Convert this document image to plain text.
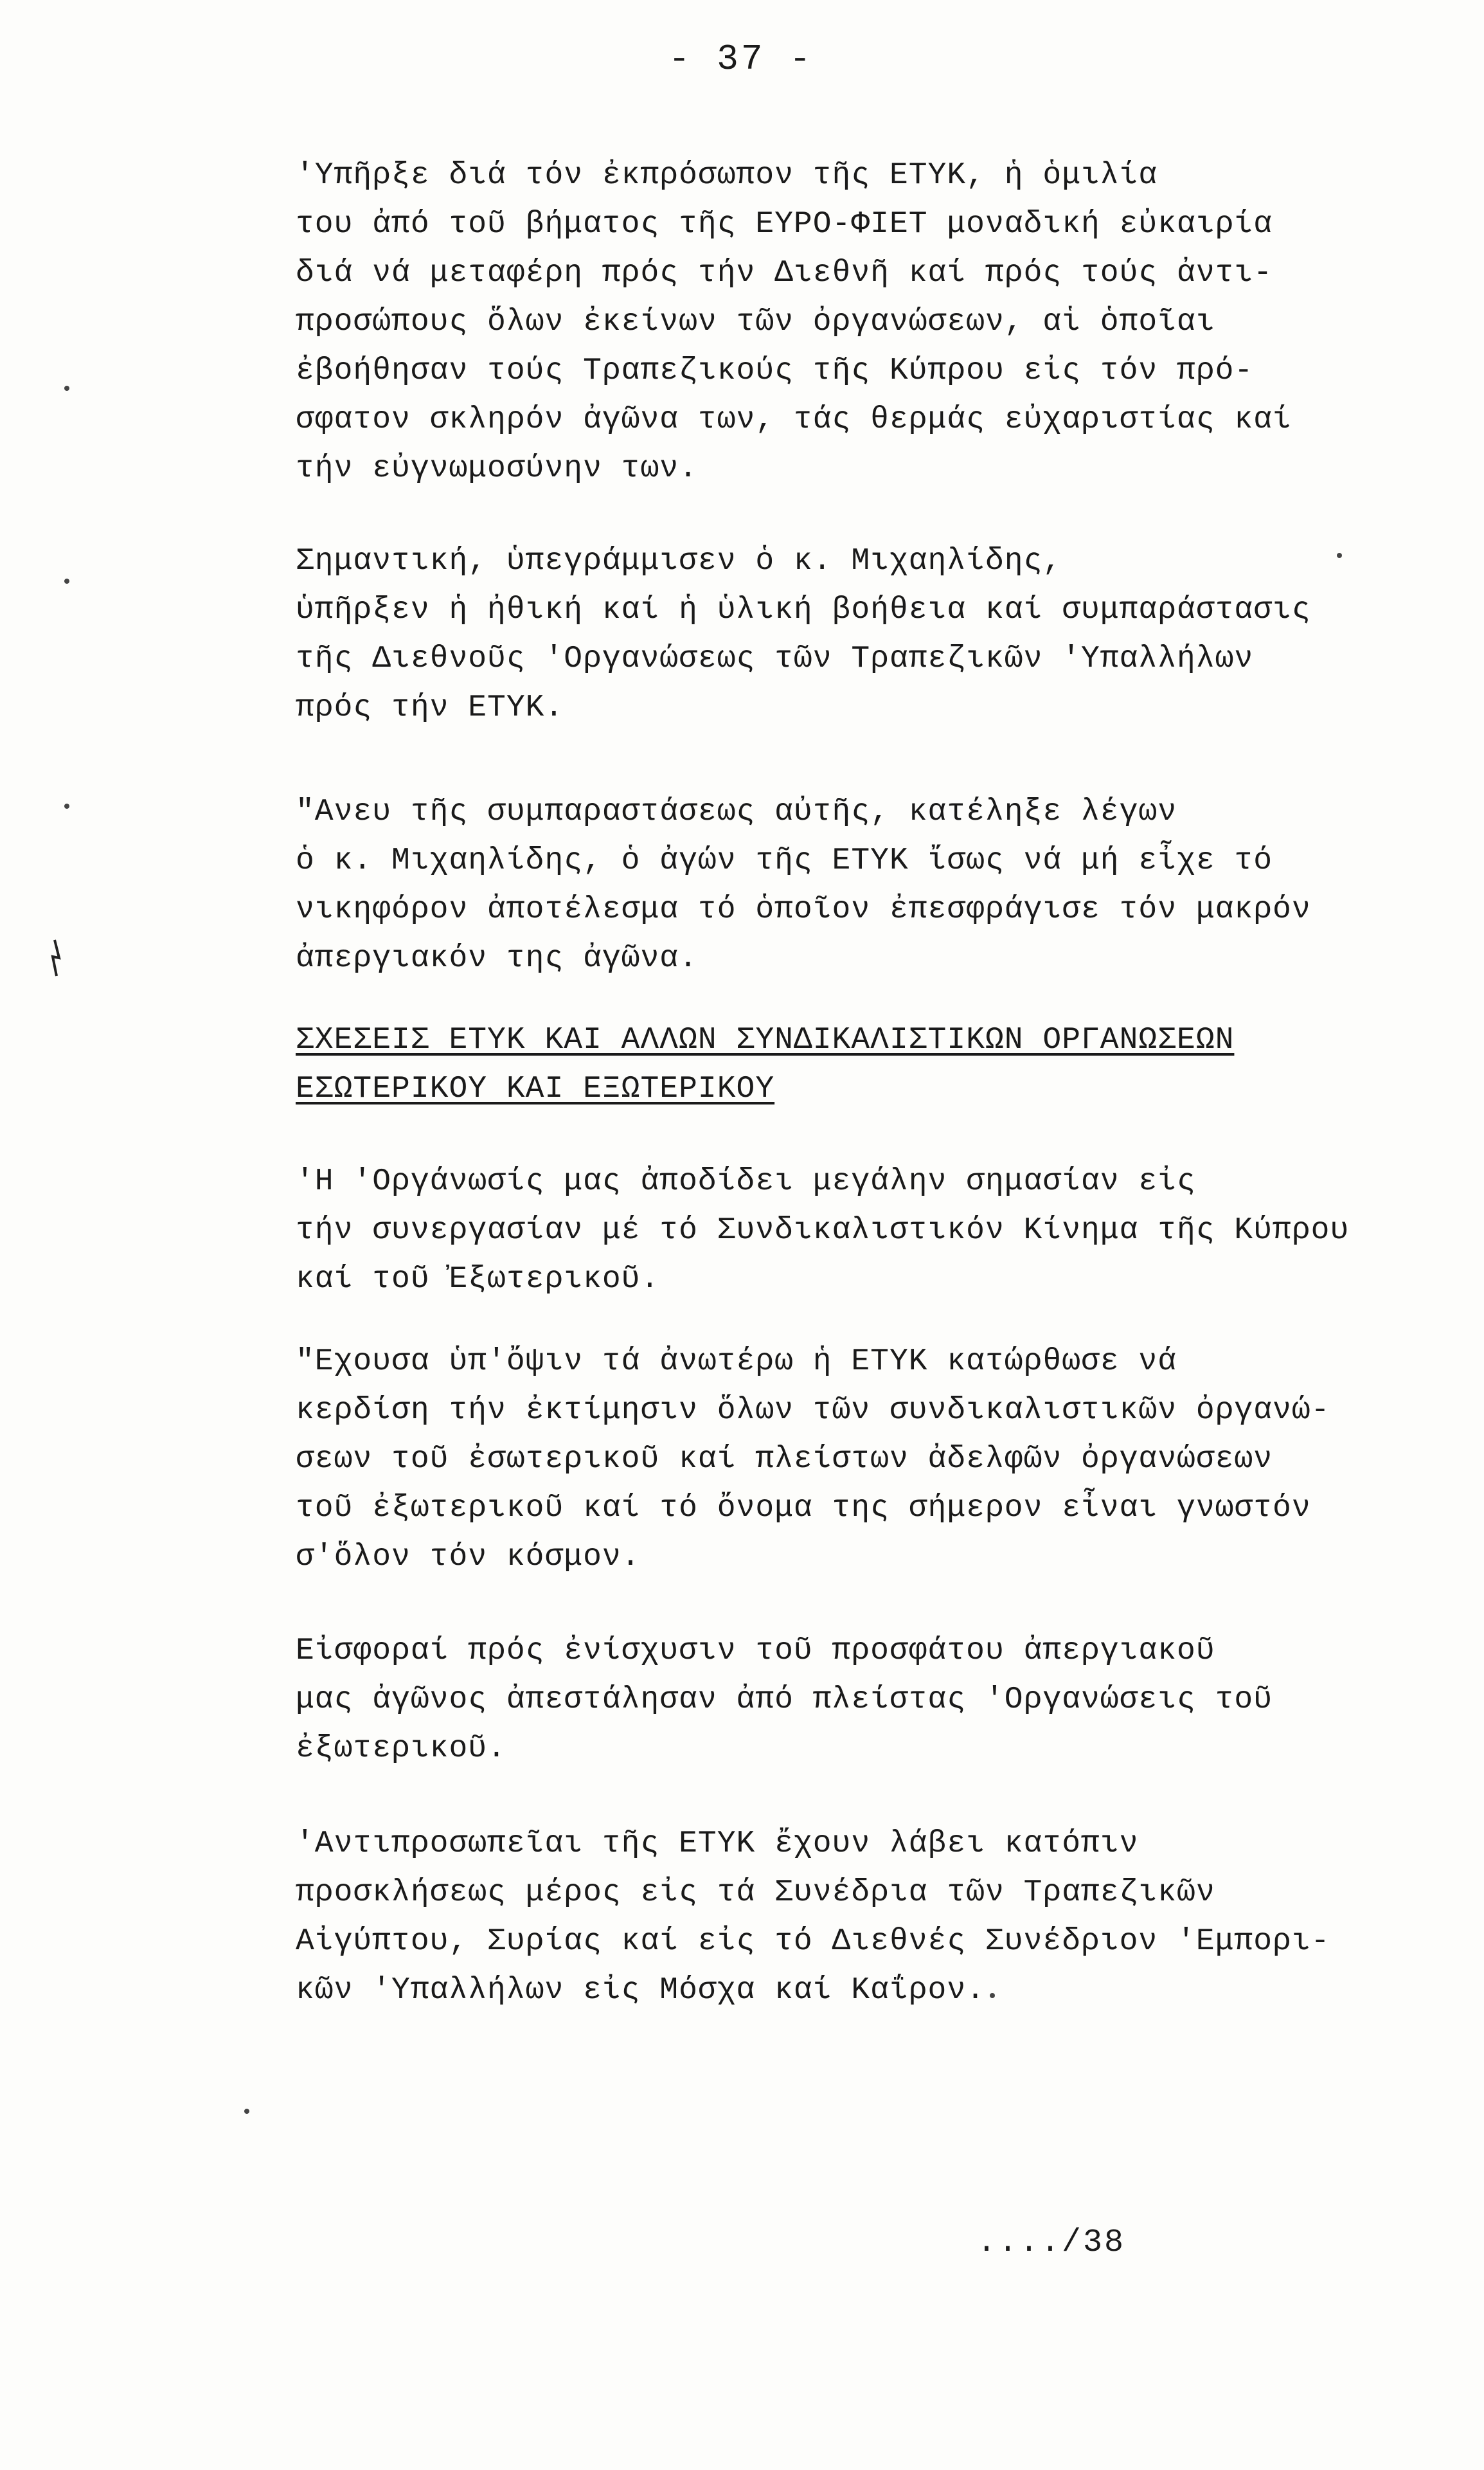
- 37 -
'Υπῆρξε διά τόν ἐκπρόσωπον τῆς ΕΤΥΚ, ἡ ὁμιλία
του ἀπό τοῦ βήματος τῆς ΕΥΡΟ-ΦΙΕΤ μοναδική εὐκαιρία
διά νά μεταφέρη πρός τήν Διεθνῆ καί πρός τούς ἀντι-
προσώπους ὅλων ἐκείνων τῶν ὀργανώσεων, αἱ ὁποῖαι
ἐβοήθησαν τούς Τραπεζικούς τῆς Κύπρου εἰς τόν πρό-
σφατον σκληρόν ἀγῶνα των, τάς θερμάς εὐχαριστίας καί
τήν εὐγνωμοσύνην των.
Σημαντική, ὑπεγράμμισεν ὁ κ. Μιχαηλίδης,
ὑπῆρξεν ἡ ἠθική καί ἡ ὑλική βοήθεια καί συμπαράστασις
τῆς Διεθνοῦς 'Οργανώσεως τῶν Τραπεζικῶν 'Υπαλλήλων
πρός τήν ΕΤΥΚ.
"Ανευ τῆς συμπαραστάσεως αὐτῆς, κατέληξε λέγων
ὁ κ. Μιχαηλίδης, ὁ ἀγών τῆς ΕΤΥΚ ἴσως νά μή εἶχε τό
νικηφόρον ἀποτέλεσμα τό ὁποῖον ἐπεσφράγισε τόν μακρόν
ἀπεργιακόν της ἀγῶνα.
ΣΧΕΣΕΙΣ ΕΤΥΚ ΚΑΙ ΑΛΛΩΝ ΣΥΝΔΙΚΑΛΙΣΤΙΚΩΝ ΟΡΓΑΝΩΣΕΩΝ
ΕΣΩΤΕΡΙΚΟΥ ΚΑΙ ΕΞΩΤΕΡΙΚΟΥ
'Η 'Οργάνωσίς μας ἀποδίδει μεγάλην σημασίαν εἰς
τήν συνεργασίαν μέ τό Συνδικαλιστικόν Κίνημα τῆς Κύπρου
καί τοῦ Ἐξωτερικοῦ.
"Εχουσα ὑπ'ὄψιν τά ἀνωτέρω ἡ ΕΤΥΚ κατώρθωσε νά
κερδίση τήν ἐκτίμησιν ὅλων τῶν συνδικαλιστικῶν ὀργανώ-
σεων τοῦ ἐσωτερικοῦ καί πλείστων ἀδελφῶν ὀργανώσεων
τοῦ ἐξωτερικοῦ καί τό ὄνομα της σήμερον εἶναι γνωστόν
σ'ὅλον τόν κόσμον.
Εἰσφοραί πρός ἐνίσχυσιν τοῦ προσφάτου ἀπεργιακοῦ
μας ἀγῶνος ἀπεστάλησαν ἀπό πλείστας 'Οργανώσεις τοῦ
ἐξωτερικοῦ.
'Αντιπροσωπεῖαι τῆς ΕΤΥΚ ἔχουν λάβει κατόπιν
προσκλήσεως μέρος εἰς τά Συνέδρια τῶν Τραπεζικῶν
Αἰγύπτου, Συρίας καί εἰς τό Διεθνές Συνέδριον 'Εμπορι-
κῶν 'Υπαλλήλων εἰς Μόσχα καί Καΐρον.
..../38
